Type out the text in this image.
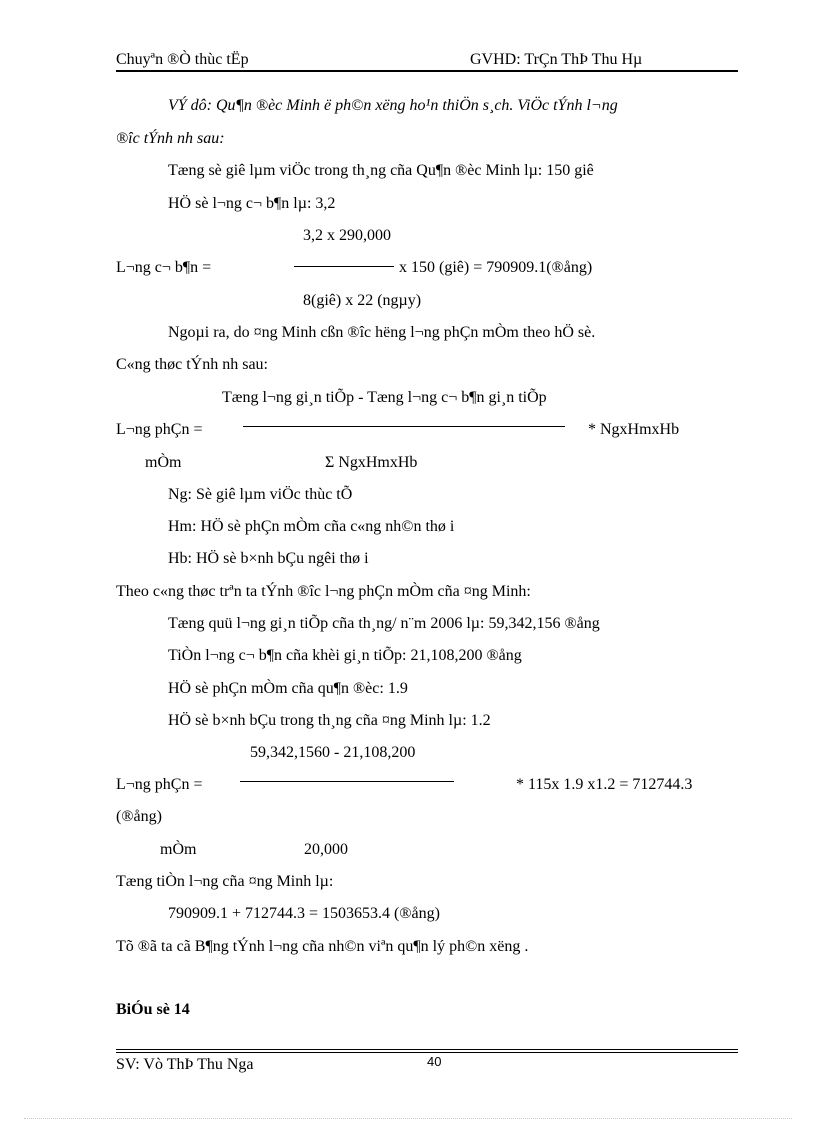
Chuyªn ®Ò thùc tËp	GVHD: TrÇn ThÞ Thu Hµ
VÝ dô: Qu¶n ®èc Minh ë ph©n xëng ho¹n thiÖn s¸ch. ViÖc tÝnh l¬ng
®îc tÝnh nh sau:
Tæng sè giê lµm viÖc trong th¸ng cña Qu¶n ®èc Minh lµ: 150 giê
HÖ sè l¬ng c¬ b¶n lµ: 3,2
3,2 x 290,000
L¬ng c¬ b¶n =	x 150 (giê) = 790909.1(®ång)
8(giê) x 22 (ngµy)
Ngoµi ra, do ¤ng Minh cßn ®îc hëng l¬ng phÇn mÒm theo hÖ sè.
C«ng thøc tÝnh nh sau:
Tæng l¬ng gi¸n tiÕp - Tæng l¬ng c¬ b¶n gi¸n tiÕp
L¬ng phÇn =	* NgxHmxHb
mÒm	Σ NgxHmxHb
Ng: Sè giê lµm viÖc thùc tÕ
Hm: HÖ sè phÇn mÒm cña c«ng nh©n thø i
Hb: HÖ sè b×nh bÇu ngêi thø i
Theo c«ng thøc trªn ta tÝnh ®îc l¬ng phÇn mÒm cña ¤ng Minh:
Tæng quü l¬ng gi¸n tiÕp cña th¸ng/ n¨m 2006 lµ: 59,342,156 ®ång
TiÒn l¬ng c¬ b¶n cña khèi gi¸n tiÕp: 21,108,200 ®ång
HÖ sè phÇn mÒm cña qu¶n ®èc: 1.9
HÖ sè b×nh bÇu trong th¸ng cña ¤ng Minh lµ: 1.2
59,342,1560 - 21,108,200
L¬ng phÇn =	* 115x 1.9 x1.2 = 712744.3
(®ång)
mÒm	20,000
Tæng tiÒn l¬ng cña ¤ng Minh lµ:
790909.1 + 712744.3 = 1503653.4 (®ång)
Tõ ®ã ta cã B¶ng tÝnh l¬ng cña nh©n viªn qu¶n lý ph©n xëng .
BiÓu sè 14
SV: Vò ThÞ Thu Nga	40
